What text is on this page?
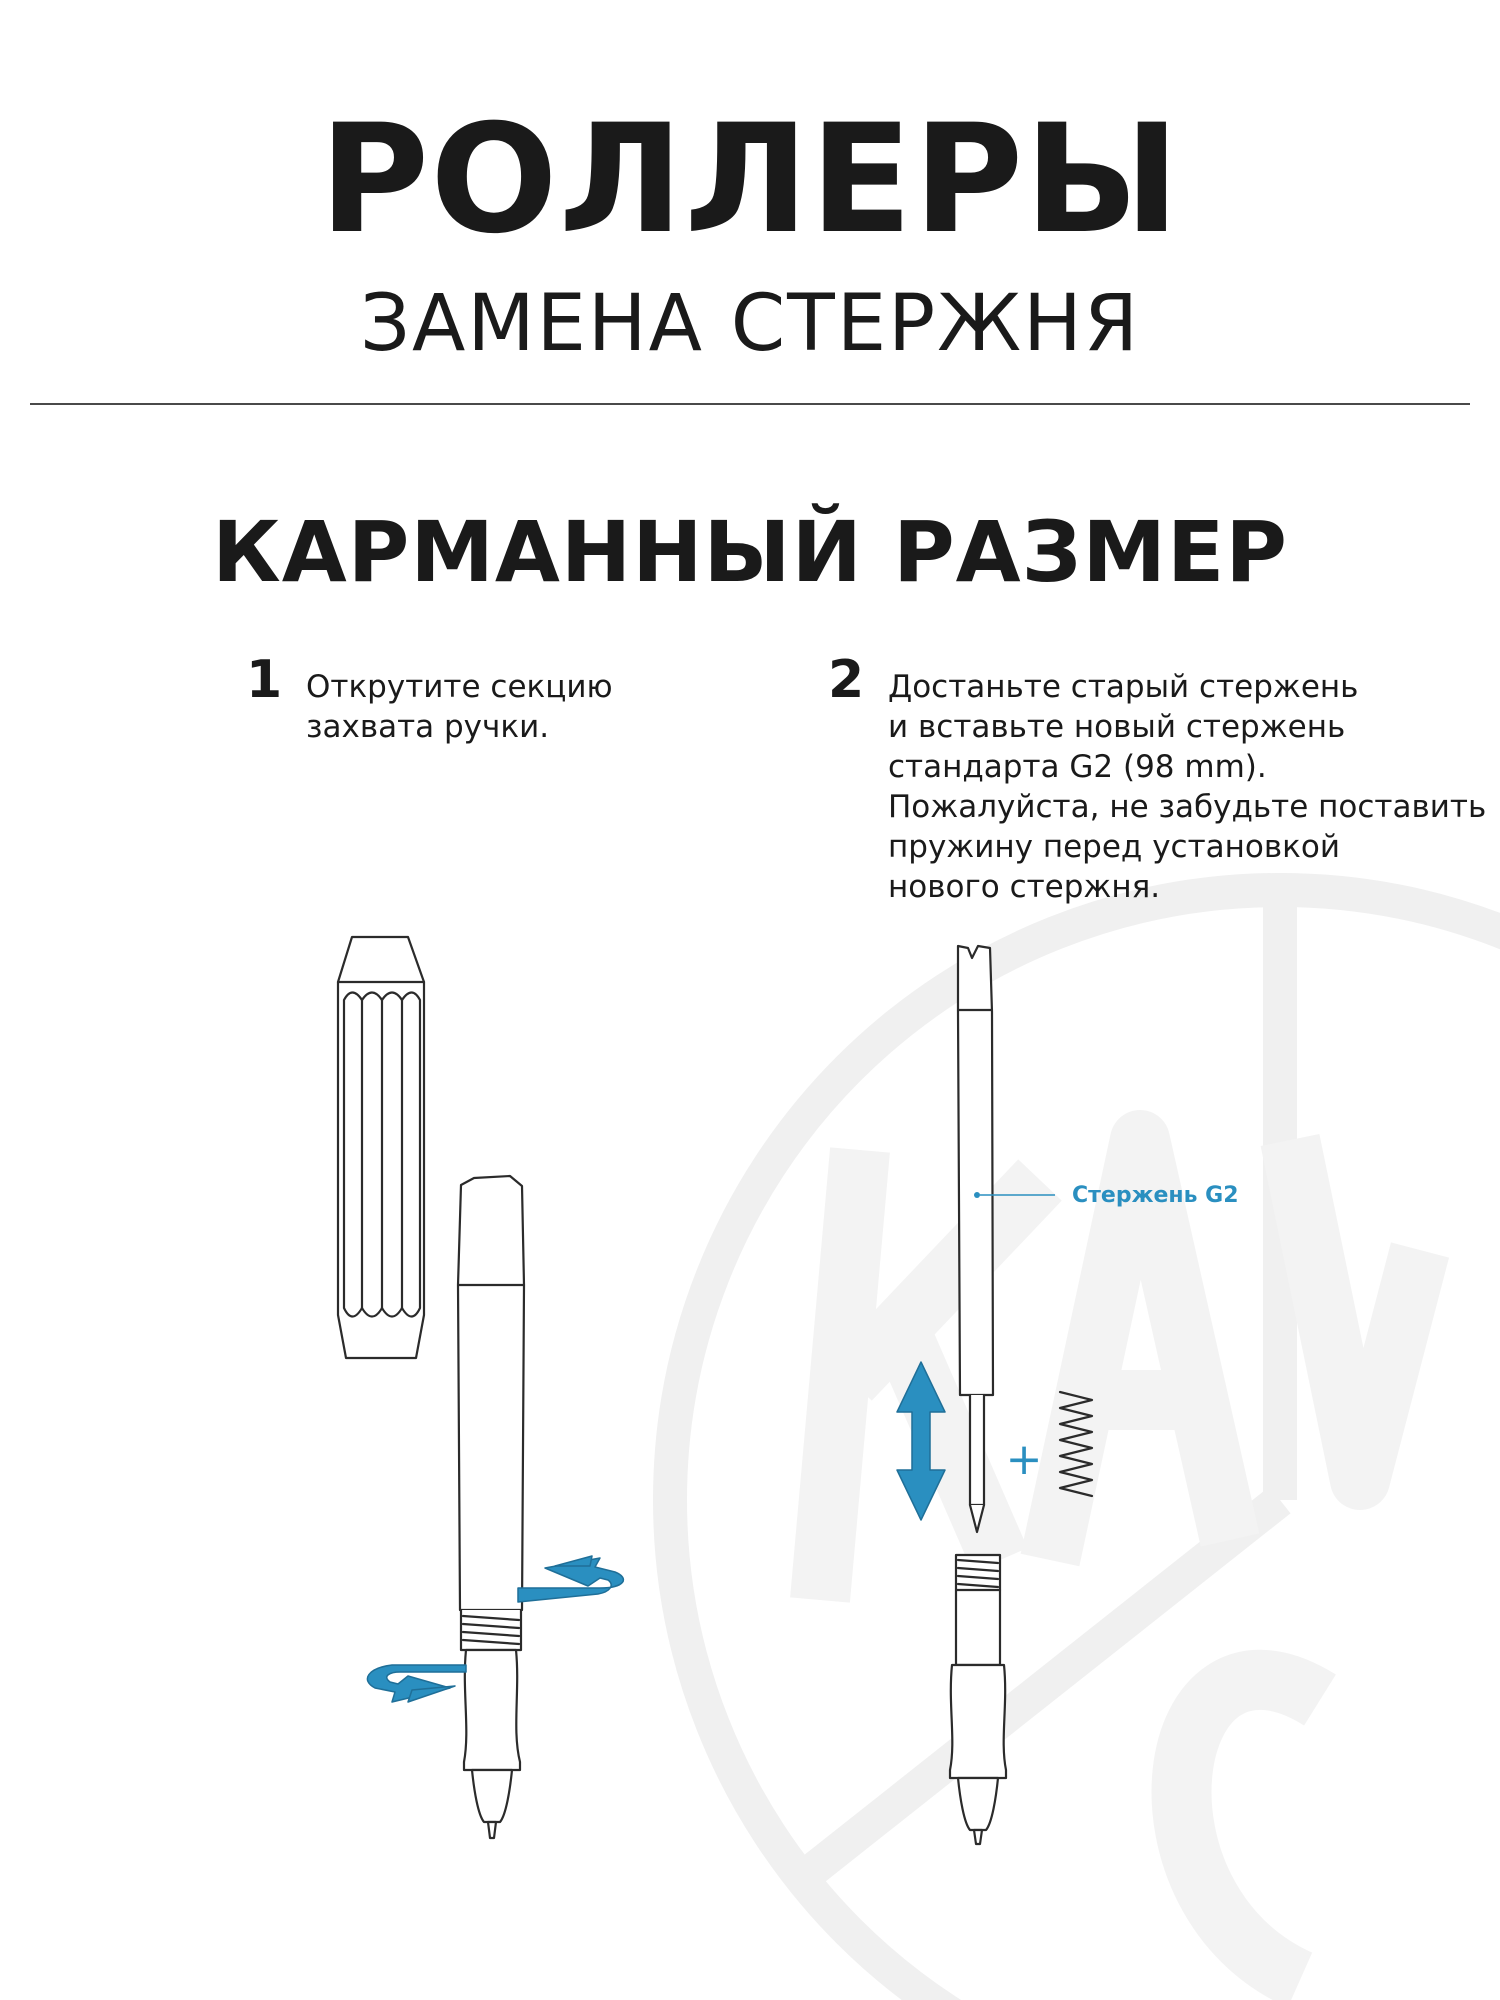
РОЛЛЕРЫ
ЗАМЕНА СТЕРЖНЯ
КАРМАННЫЙ РАЗМЕР
1 Открутите секцию
захвата ручки.
2 Достаньте старый стержень
и вставьте новый стержень
стандарта G2 (98 mm).
Пожалуйста, не забудьте поставить
пружину перед установкой
нового стержня.
+
Стержень G2
